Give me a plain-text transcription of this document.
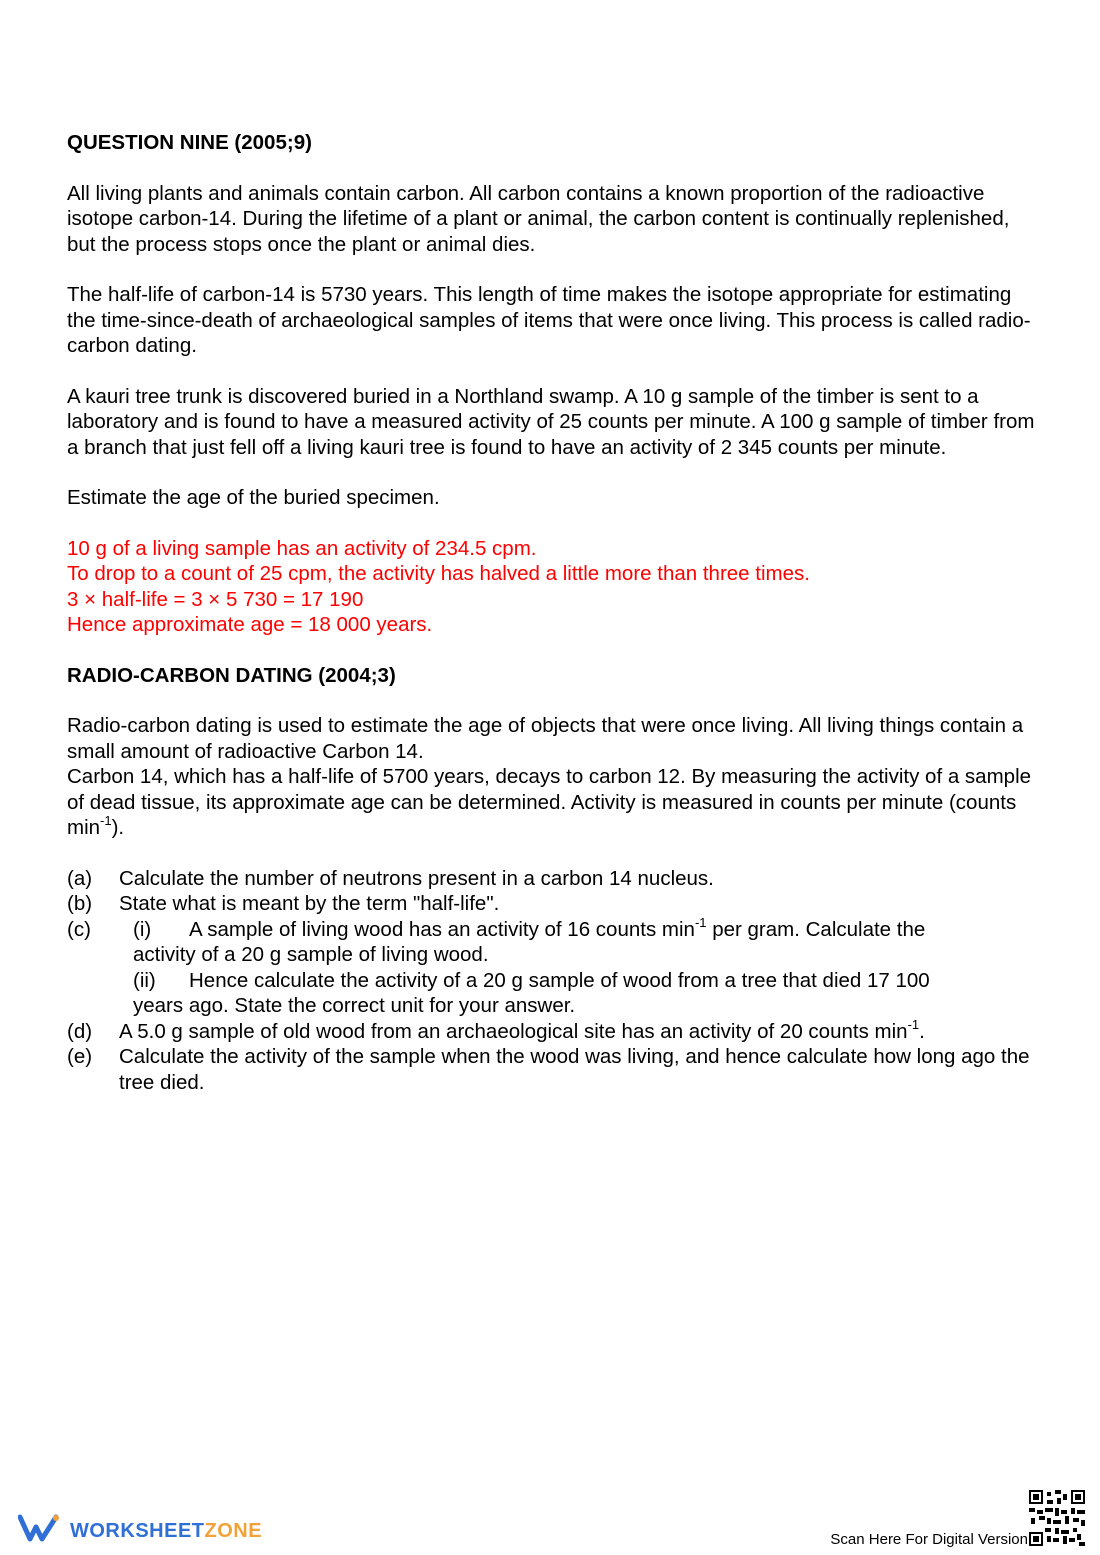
QUESTION NINE (2005;9)
All living plants and animals contain carbon. All carbon contains a known proportion of the radioactive isotope carbon-14. During the lifetime of a plant or animal, the carbon content is continually replenished, but the process stops once the plant or animal dies.
The half-life of carbon-14 is 5730 years. This length of time makes the isotope appropriate for estimating the time-since-death of archaeological samples of items that were once living. This process is called radio-carbon dating.
A kauri tree trunk is discovered buried in a Northland swamp. A 10 g sample of the timber is sent to a laboratory and is found to have a measured activity of 25 counts per minute. A 100 g sample of timber from a branch that just fell off a living kauri tree is found to have an activity of 2 345 counts per minute.
Estimate the age of the buried specimen.
10 g of a living sample has an activity of 234.5 cpm.
To drop to a count of 25 cpm, the activity has halved a little more than three times.
3 × half-life = 3 × 5 730 = 17 190
Hence approximate age = 18 000 years.
RADIO-CARBON DATING (2004;3)
Radio-carbon dating is used to estimate the age of objects that were once living. All living things contain a small amount of radioactive Carbon 14.
Carbon 14, which has a half-life of 5700 years, decays to carbon 12. By measuring the activity of a sample of dead tissue, its approximate age can be determined. Activity is measured in counts per minute (counts $\min^{-1}$).
(a)	Calculate the number of neutrons present in a carbon 14 nucleus.
(b)	State what is meant by the term "half-life".
(c)	(i)	A sample of living wood has an activity of 16 counts $\min^{-1}$ per gram. Calculate the
activity of a 20 g sample of living wood.
(ii)	Hence calculate the activity of a 20 g sample of wood from a tree that died 17 100
years ago. State the correct unit for your answer.
(d)	A 5.0 g sample of old wood from an archaeological site has an activity of 20 counts $\min^{-1}$.
(e)	Calculate the activity of the sample when the wood was living, and hence calculate how long ago the tree died.
WORKSHEETZONE	Scan Here For Digital Version
